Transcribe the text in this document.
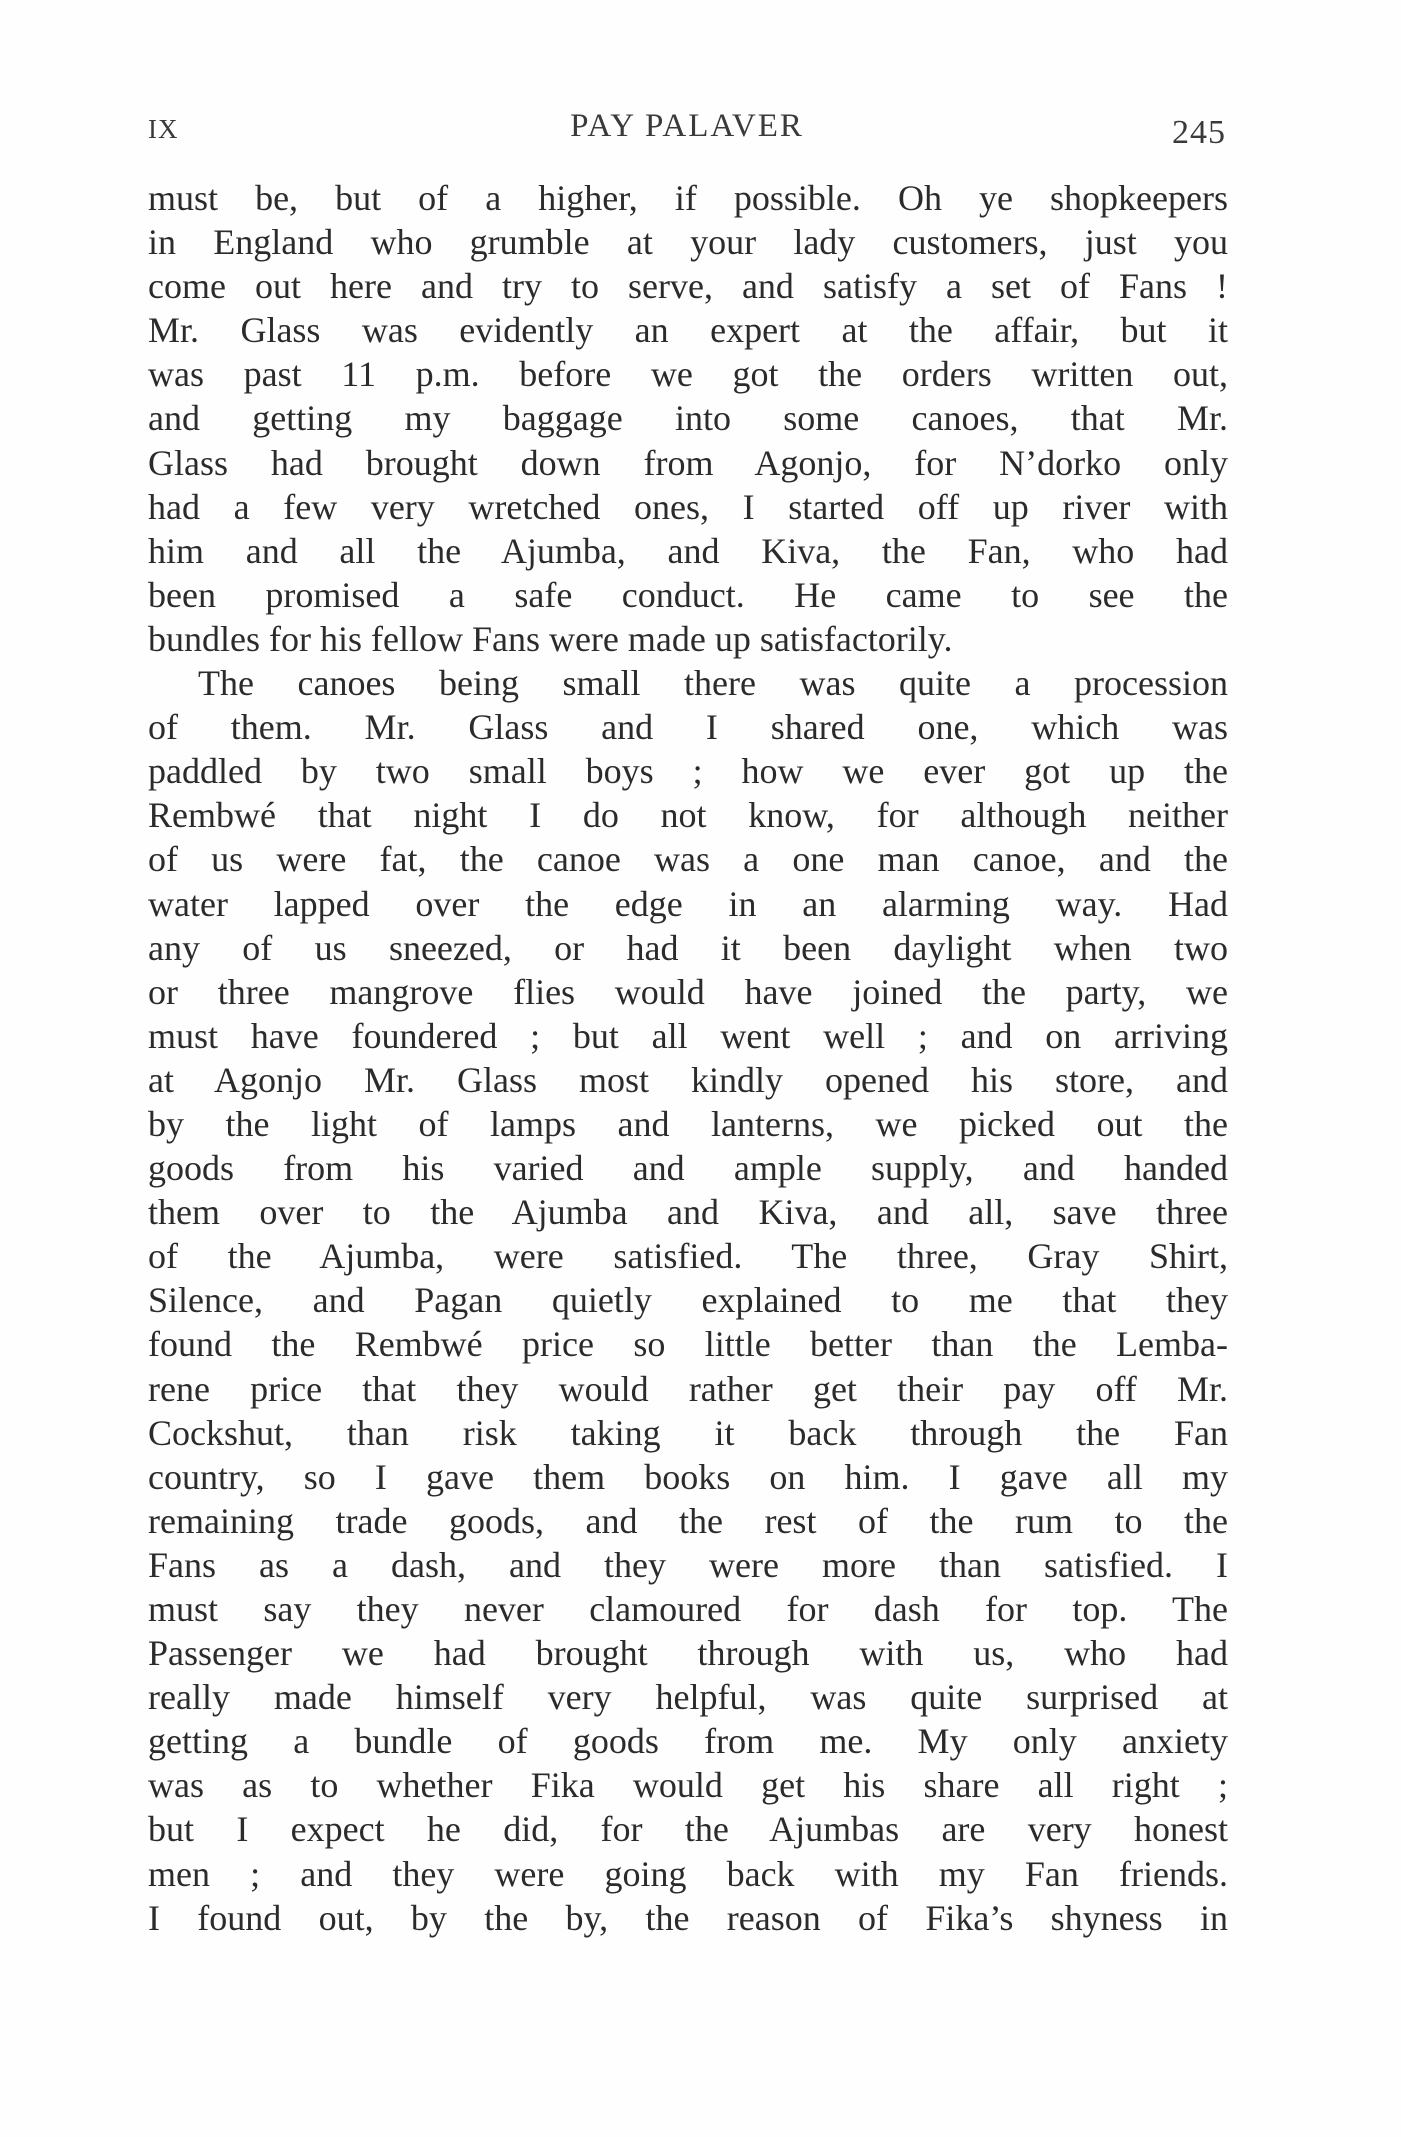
IX	PAY PALAVER	245
must be, but of a higher, if possible. Oh ye shopkeepers
in England who grumble at your lady customers, just you
come out here and try to serve, and satisfy a set of Fans !
Mr. Glass was evidently an expert at the affair, but it
was past 11 p.m. before we got the orders written out,
and getting my baggage into some canoes, that Mr.
Glass had brought down from Agonjo, for N’dorko only
had a few very wretched ones, I started off up river with
him and all the Ajumba, and Kiva, the Fan, who had
been promised a safe conduct. He came to see the
bundles for his fellow Fans were made up satisfactorily.
The canoes being small there was quite a procession
of them. Mr. Glass and I shared one, which was
paddled by two small boys ; how we ever got up the
Rembwé that night I do not know, for although neither
of us were fat, the canoe was a one man canoe, and the
water lapped over the edge in an alarming way. Had
any of us sneezed, or had it been daylight when two
or three mangrove flies would have joined the party, we
must have foundered ; but all went well ; and on arriving
at Agonjo Mr. Glass most kindly opened his store, and
by the light of lamps and lanterns, we picked out the
goods from his varied and ample supply, and handed
them over to the Ajumba and Kiva, and all, save three
of the Ajumba, were satisfied. The three, Gray Shirt,
Silence, and Pagan quietly explained to me that they
found the Rembwé price so little better than the Lemba-
rene price that they would rather get their pay off Mr.
Cockshut, than risk taking it back through the Fan
country, so I gave them books on him. I gave all my
remaining trade goods, and the rest of the rum to the
Fans as a dash, and they were more than satisfied. I
must say they never clamoured for dash for top. The
Passenger we had brought through with us, who had
really made himself very helpful, was quite surprised at
getting a bundle of goods from me. My only anxiety
was as to whether Fika would get his share all right ;
but I expect he did, for the Ajumbas are very honest
men ; and they were going back with my Fan friends.
I found out, by the by, the reason of Fika’s shyness in
